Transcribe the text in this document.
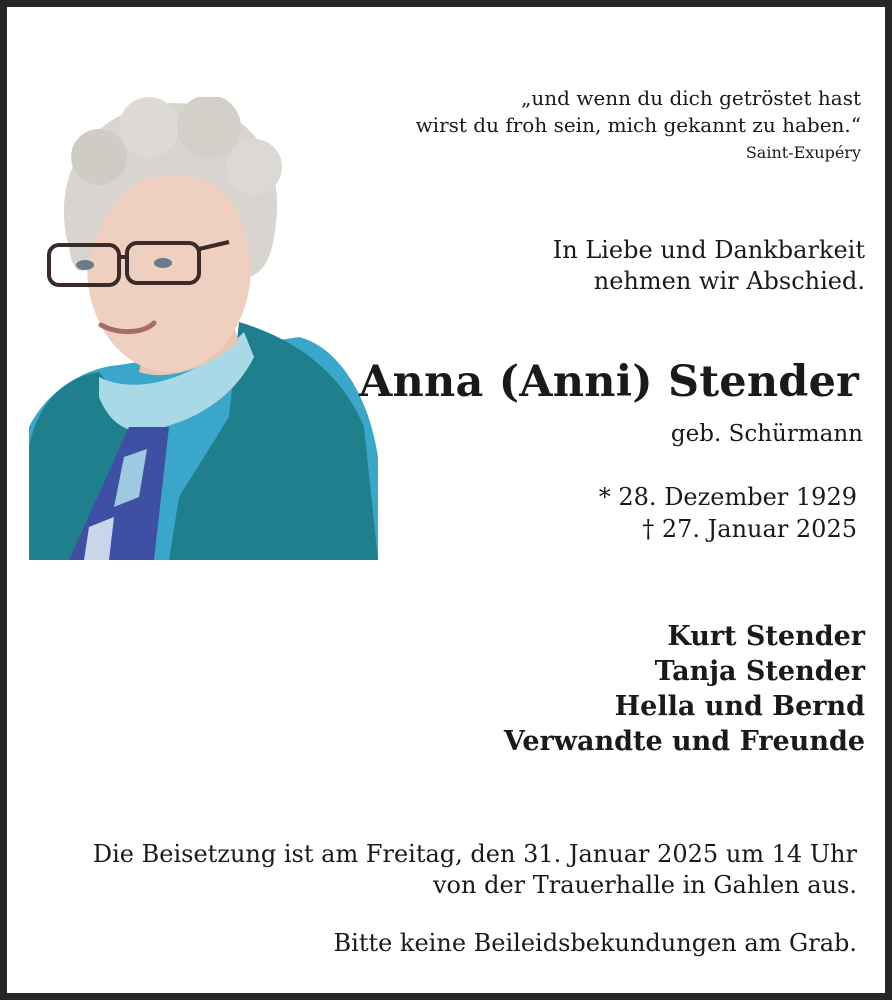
„und wenn du dich getröstet hast
wirst du froh sein, mich gekannt zu haben.“
Saint-Exupéry
In Liebe und Dankbarkeit
nehmen wir Abschied.
Anna (Anni) Stender
geb. Schürmann
* 28. Dezember 1929
† 27. Januar 2025
Kurt Stender
Tanja Stender
Hella und Bernd
Verwandte und Freunde
Die Beisetzung ist am Freitag, den 31. Januar 2025 um 14 Uhr
von der Trauerhalle in Gahlen aus.
Bitte keine Beileidsbekundungen am Grab.
